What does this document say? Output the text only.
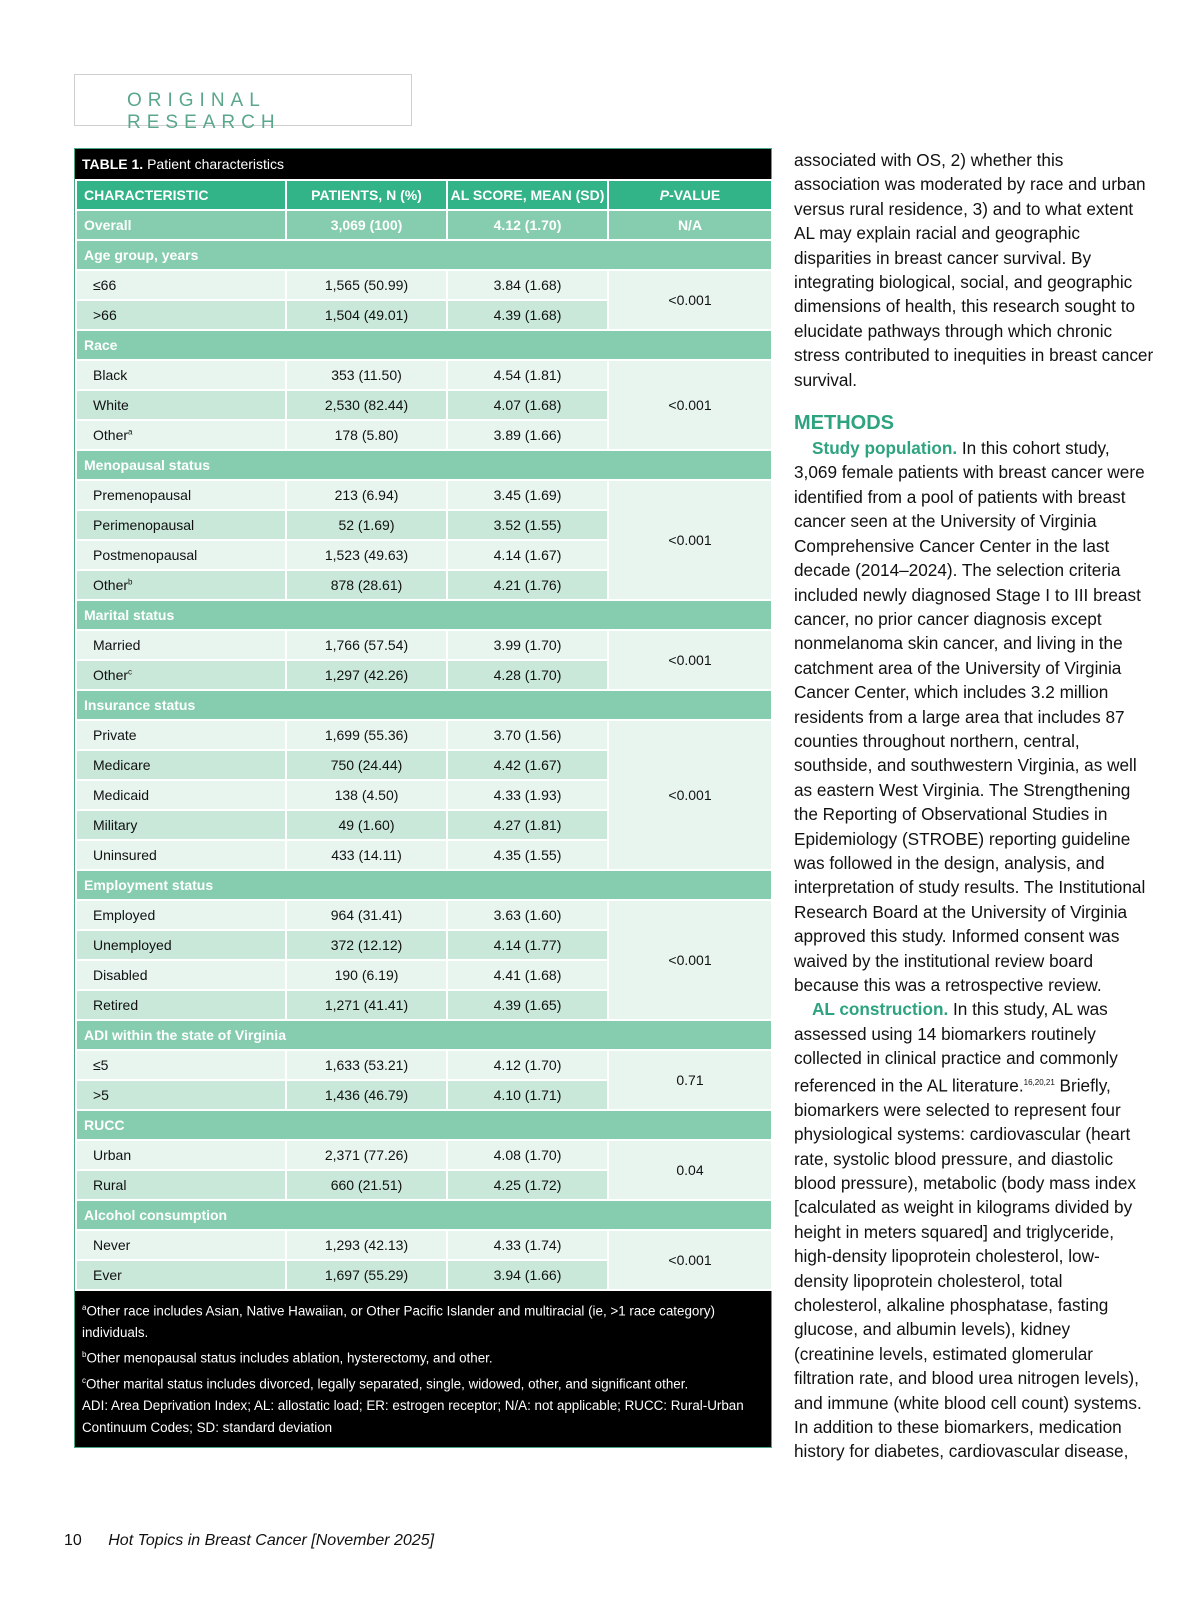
ORIGINAL RESEARCH
TABLE 1. Patient characteristics
CHARACTERISTIC	PATIENTS, N (%)	AL SCORE, MEAN (SD)	P-VALUE
Overall	3,069 (100)	4.12 (1.70)	N/A
Age group, years			
≤66	1,565 (50.99)	3.84 (1.68)	<0.001
>66	1,504 (49.01)	4.39 (1.68)	
Race			
Black	353 (11.50)	4.54 (1.81)	<0.001
White	2,530 (82.44)	4.07 (1.68)	
Other$^a$	178 (5.80)	3.89 (1.66)	
Menopausal status			
Premenopausal	213 (6.94)	3.45 (1.69)	<0.001
Perimenopausal	52 (1.69)	3.52 (1.55)	
Postmenopausal	1,523 (49.63)	4.14 (1.67)	
Other$^b$	878 (28.61)	4.21 (1.76)	
Marital status			
Married	1,766 (57.54)	3.99 (1.70)	<0.001
Other$^c$	1,297 (42.26)	4.28 (1.70)	
Insurance status			
Private	1,699 (55.36)	3.70 (1.56)	<0.001
Medicare	750 (24.44)	4.42 (1.67)	
Medicaid	138 (4.50)	4.33 (1.93)	
Military	49 (1.60)	4.27 (1.81)	
Uninsured	433 (14.11)	4.35 (1.55)	
Employment status			
Employed	964 (31.41)	3.63 (1.60)	<0.001
Unemployed	372 (12.12)	4.14 (1.77)	
Disabled	190 (6.19)	4.41 (1.68)	
Retired	1,271 (41.41)	4.39 (1.65)	
ADI within the state of Virginia			
≤5	1,633 (53.21)	4.12 (1.70)	0.71
>5	1,436 (46.79)	4.10 (1.71)	
RUCC			
Urban	2,371 (77.26)	4.08 (1.70)	0.04
Rural	660 (21.51)	4.25 (1.72)	
Alcohol consumption			
Never	1,293 (42.13)	4.33 (1.74)	<0.001
Ever	1,697 (55.29)	3.94 (1.66)	
$^a$Other race includes Asian, Native Hawaiian, or Other Pacific Islander and multiracial (ie, >1 race category) individuals.
$^b$Other menopausal status includes ablation, hysterectomy, and other.
$^c$Other marital status includes divorced, legally separated, single, widowed, other, and significant other.
ADI: Area Deprivation Index; AL: allostatic load; ER: estrogen receptor; N/A: not applicable; RUCC: Rural-Urban Continuum Codes; SD: standard deviation

associated with OS, 2) whether this association was moderated by race and urban versus rural residence, 3) and to what extent AL may explain racial and geographic disparities in breast cancer survival. By integrating biological, social, and geographic dimensions of health, this research sought to elucidate pathways through which chronic stress contributed to inequities in breast cancer survival.

METHODS

Study population. In this cohort study, 3,069 female patients with breast cancer were identified from a pool of patients with breast cancer seen at the University of Virginia Comprehensive Cancer Center in the last decade (2014–2024). The selection criteria included newly diagnosed Stage I to III breast cancer, no prior cancer diagnosis except nonmelanoma skin cancer, and living in the catchment area of the University of Virginia Cancer Center, which includes 3.2 million residents from a large area that includes 87 counties throughout northern, central, southside, and southwestern Virginia, as well as eastern West Virginia. The Strengthening the Reporting of Observational Studies in Epidemiology (STROBE) reporting guideline was followed in the design, analysis, and interpretation of study results. The Institutional Research Board at the University of Virginia approved this study. Informed consent was waived by the institutional review board because this was a retrospective review.

AL construction. In this study, AL was assessed using 14 biomarkers routinely collected in clinical practice and commonly referenced in the AL literature.$^{16,20,21}$ Briefly, biomarkers were selected to represent four physiological systems: cardiovascular (heart rate, systolic blood pressure, and diastolic blood pressure), metabolic (body mass index [calculated as weight in kilograms divided by height in meters squared] and triglyceride, high-density lipoprotein cholesterol, low-density lipoprotein cholesterol, total cholesterol, alkaline phosphatase, fasting glucose, and albumin levels), kidney (creatinine levels, estimated glomerular filtration rate, and blood urea nitrogen levels), and immune (white blood cell count) systems. In addition to these biomarkers, medication history for diabetes, cardiovascular disease,

10 Hot Topics in Breast Cancer [November 2025]
